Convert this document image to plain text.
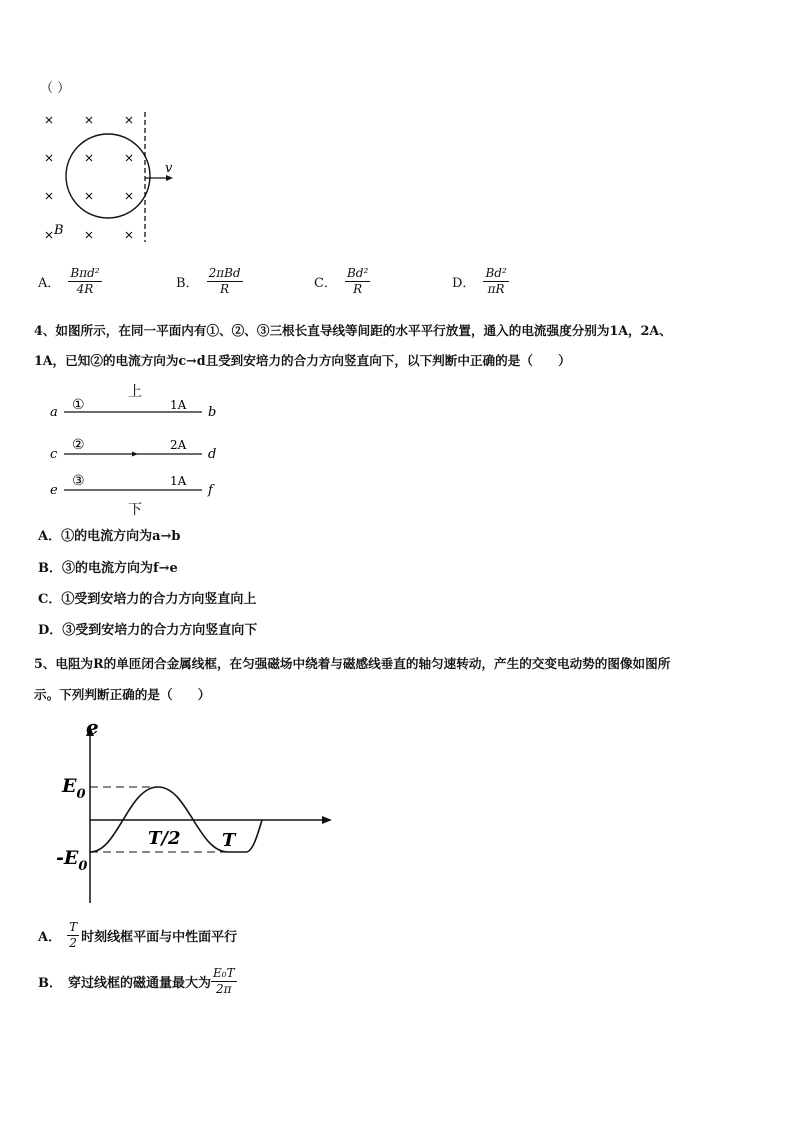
（ ）
v
B
A． $\frac{\text{Bπd²}}{4R}$	B． $\frac{\text{2πBd}}{R}$	C． $\frac{\text{Bd²}}{R}$	D． $\frac{\text{Bd²}}{\pi R}$
4、如图所示，在同一平面内有①、②、③三根长直导线等间距的水平平行放置，通入的电流强度分别为1A，2A、
1A，已知②的电流方向为c→d且受到安培力的合力方向竖直向下，以下判断中正确的是（　　）
上
a ①	1A b
c
②	2A
d
e
③	1A
f
下
A．①的电流方向为a→b
B．③的电流方向为f→e
C．①受到安培力的合力方向竖直向上
D．③受到安培力的合力方向竖直向下
5、电阻为R的单匝闭合金属线框，在匀强磁场中绕着与磁感线垂直的轴匀速转动，产生的交变电动势的图像如图所
示。下列判断正确的是（　　）
e
$E_0$
$-E_0$
T/2 T
A． $\frac{T}{2}$ 时刻线框平面与中性面平行
B． 穿过线框的磁通量最大为 $\frac{\text{E₀T}}{2\pi}$
